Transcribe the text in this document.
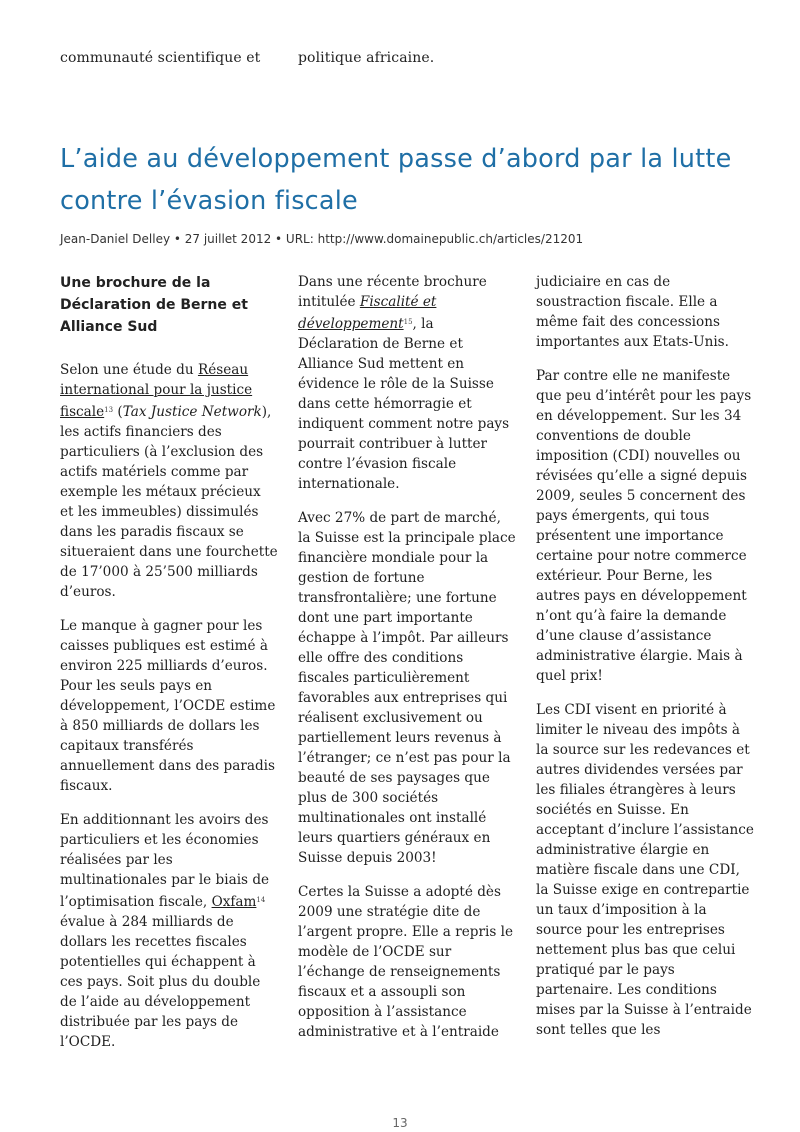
communauté scientifique et	politique africaine.
L’aide au développement passe d’abord par la lutte contre l’évasion fiscale
Jean-Daniel Delley • 27 juillet 2012 • URL: http://www.domainepublic.ch/articles/21201
Une brochure de la Déclaration de Berne et Alliance Sud

Selon une étude du Réseau international pour la justice fiscale$^{13}$ (Tax Justice Network), les actifs financiers des particuliers (à l’exclusion des actifs matériels comme par exemple les métaux précieux et les immeubles) dissimulés dans les paradis fiscaux se situeraient dans une fourchette de 17’000 à 25’500 milliards d’euros.

Le manque à gagner pour les caisses publiques est estimé à environ 225 milliards d’euros. Pour les seuls pays en développement, l’OCDE estime à 850 milliards de dollars les capitaux transférés annuellement dans des paradis fiscaux.

En additionnant les avoirs des particuliers et les économies réalisées par les multinationales par le biais de l’optimisation fiscale, Oxfam$^{14}$ évalue à 284 milliards de dollars les recettes fiscales potentielles qui échappent à ces pays. Soit plus du double de l’aide au développement distribuée par les pays de l’OCDE.

Dans une récente brochure intitulée Fiscalité et développement$^{15}$, la Déclaration de Berne et Alliance Sud mettent en évidence le rôle de la Suisse dans cette hémorragie et indiquent comment notre pays pourrait contribuer à lutter contre l’évasion fiscale internationale.

Avec 27% de part de marché, la Suisse est la principale place financière mondiale pour la gestion de fortune transfrontalière; une fortune dont une part importante échappe à l’impôt. Par ailleurs elle offre des conditions fiscales particulièrement favorables aux entreprises qui réalisent exclusivement ou partiellement leurs revenus à l’étranger; ce n’est pas pour la beauté de ses paysages que plus de 300 sociétés multinationales ont installé leurs quartiers généraux en Suisse depuis 2003!

Certes la Suisse a adopté dès 2009 une stratégie dite de l’argent propre. Elle a repris le modèle de l’OCDE sur l’échange de renseignements fiscaux et a assoupli son opposition à l’assistance administrative et à l’entraide

judiciaire en cas de soustraction fiscale. Elle a même fait des concessions importantes aux Etats-Unis.

Par contre elle ne manifeste que peu d’intérêt pour les pays en développement. Sur les 34 conventions de double imposition (CDI) nouvelles ou révisées qu’elle a signé depuis 2009, seules 5 concernent des pays émergents, qui tous présentent une importance certaine pour notre commerce extérieur. Pour Berne, les autres pays en développement n’ont qu’à faire la demande d’une clause d’assistance administrative élargie. Mais à quel prix!

Les CDI visent en priorité à limiter le niveau des impôts à la source sur les redevances et autres dividendes versées par les filiales étrangères à leurs sociétés en Suisse. En acceptant d’inclure l’assistance administrative élargie en matière fiscale dans une CDI, la Suisse exige en contrepartie un taux d’imposition à la source pour les entreprises nettement plus bas que celui pratiqué par le pays partenaire. Les conditions mises par la Suisse à l’entraide sont telles que les

13
